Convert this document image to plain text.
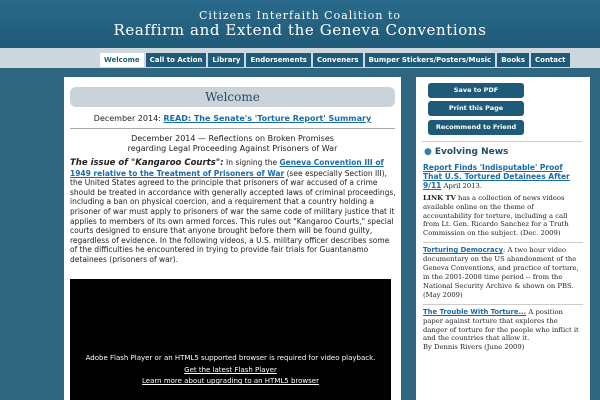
Citizens Interfaith Coalition to
Reaffirm and Extend the Geneva Conventions
Welcome	Call to Action	Library	Endorsements	Conveners	Bumper Stickers/Posters/Music	Books	Contact
Welcome
December 2014: READ: The Senate's 'Torture Report' Summary
December 2014 — Reflections on Broken Promises
regarding Legal Proceeding Against Prisoners of War
The issue of "Kangaroo Courts": In signing the Geneva Convention III of 1949 relative to the Treatment of Prisoners of War (see especially Section III), the United States agreed to the principle that prisoners of war accused of a crime should be treated in accordance with generally accepted laws of criminal proceedings, including a ban on physical coercion, and a requirement that a country holding a prisoner of war must apply to prisoners of war the same code of military justice that it applies to members of its own armed forces. This rules out "Kangaroo Courts," special courts designed to ensure that anyone brought before them will be found guilty, regardless of evidence. In the following videos, a U.S. military officer describes some of the difficulties he encountered in trying to provide fair trials for Guantanamo detainees (prisoners of war).
Adobe Flash Player or an HTML5 supported browser is required for video playback.
Get the latest Flash Player
Learn more about upgrading to an HTML5 browser
Save to PDF
Print this Page
Recommend to Friend
● Evolving News
Report Finds 'Indisputable' Proof That U.S. Tortured Detainees After 9/11 April 2013.
LINK TV has a collection of news videos available online on the theme of accountability for torture, including a call from Lt. Gen. Ricardo Sanchez for a Truth Commission on the subject. (Dec. 2009)
Torturing Democracy: A two hour video documentary on the US abandonment of the Geneva Conventions, and practice of torture, in the 2001-2008 time period -- from the National Security Archive & shown on PBS. (May 2009)
The Trouble With Torture... A position paper against torture that explores the danger of torture for the people who inflict it and the countries that allow it.
By Dennis Rivers (June 2009)
